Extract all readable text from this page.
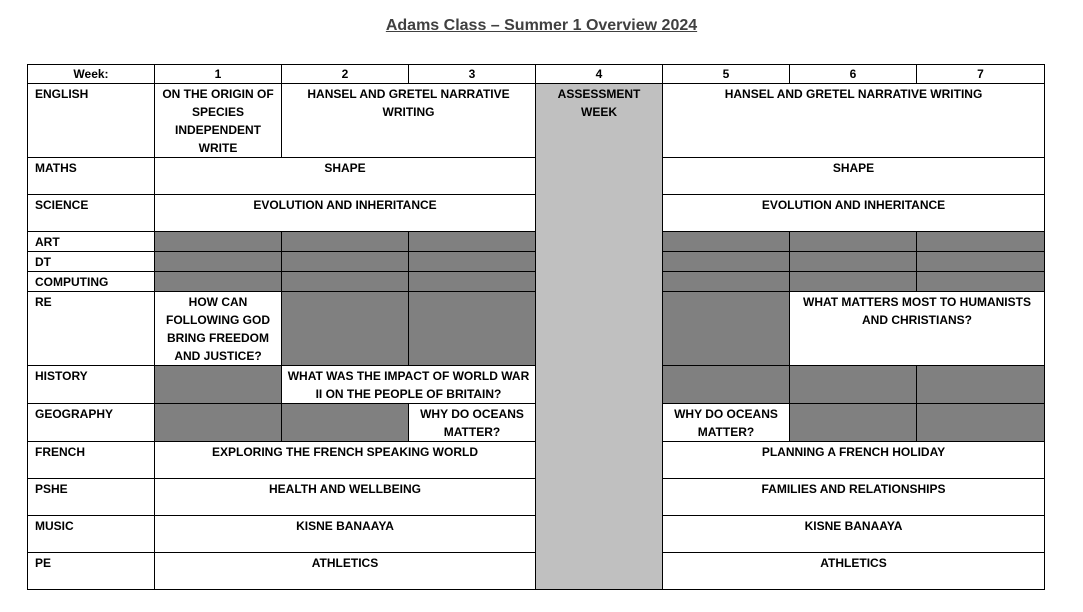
Adams Class – Summer 1 Overview 2024
Week:	1	2	3	4	5	6	7
ENGLISH	ON THE ORIGIN OF SPECIES INDEPENDENT WRITE	HANSEL AND GRETEL NARRATIVE WRITING		ASSESSMENT WEEK	HANSEL AND GRETEL NARRATIVE WRITING		
MATHS	SHAPE				SHAPE		
SCIENCE	EVOLUTION AND INHERITANCE				EVOLUTION AND INHERITANCE		
ART							
DT							
COMPUTING							
RE	HOW CAN FOLLOWING GOD BRING FREEDOM AND JUSTICE?					WHAT MATTERS MOST TO HUMANISTS AND CHRISTIANS?	
HISTORY		WHAT WAS THE IMPACT OF WORLD WAR II ON THE PEOPLE OF BRITAIN?					
GEOGRAPHY			WHY DO OCEANS MATTER?		WHY DO OCEANS MATTER?		
FRENCH	EXPLORING THE FRENCH SPEAKING WORLD				PLANNING A FRENCH HOLIDAY		
PSHE	HEALTH AND WELLBEING				FAMILIES AND RELATIONSHIPS		
MUSIC	KISNE BANAAYA				KISNE BANAAYA		
PE	ATHLETICS				ATHLETICS		
